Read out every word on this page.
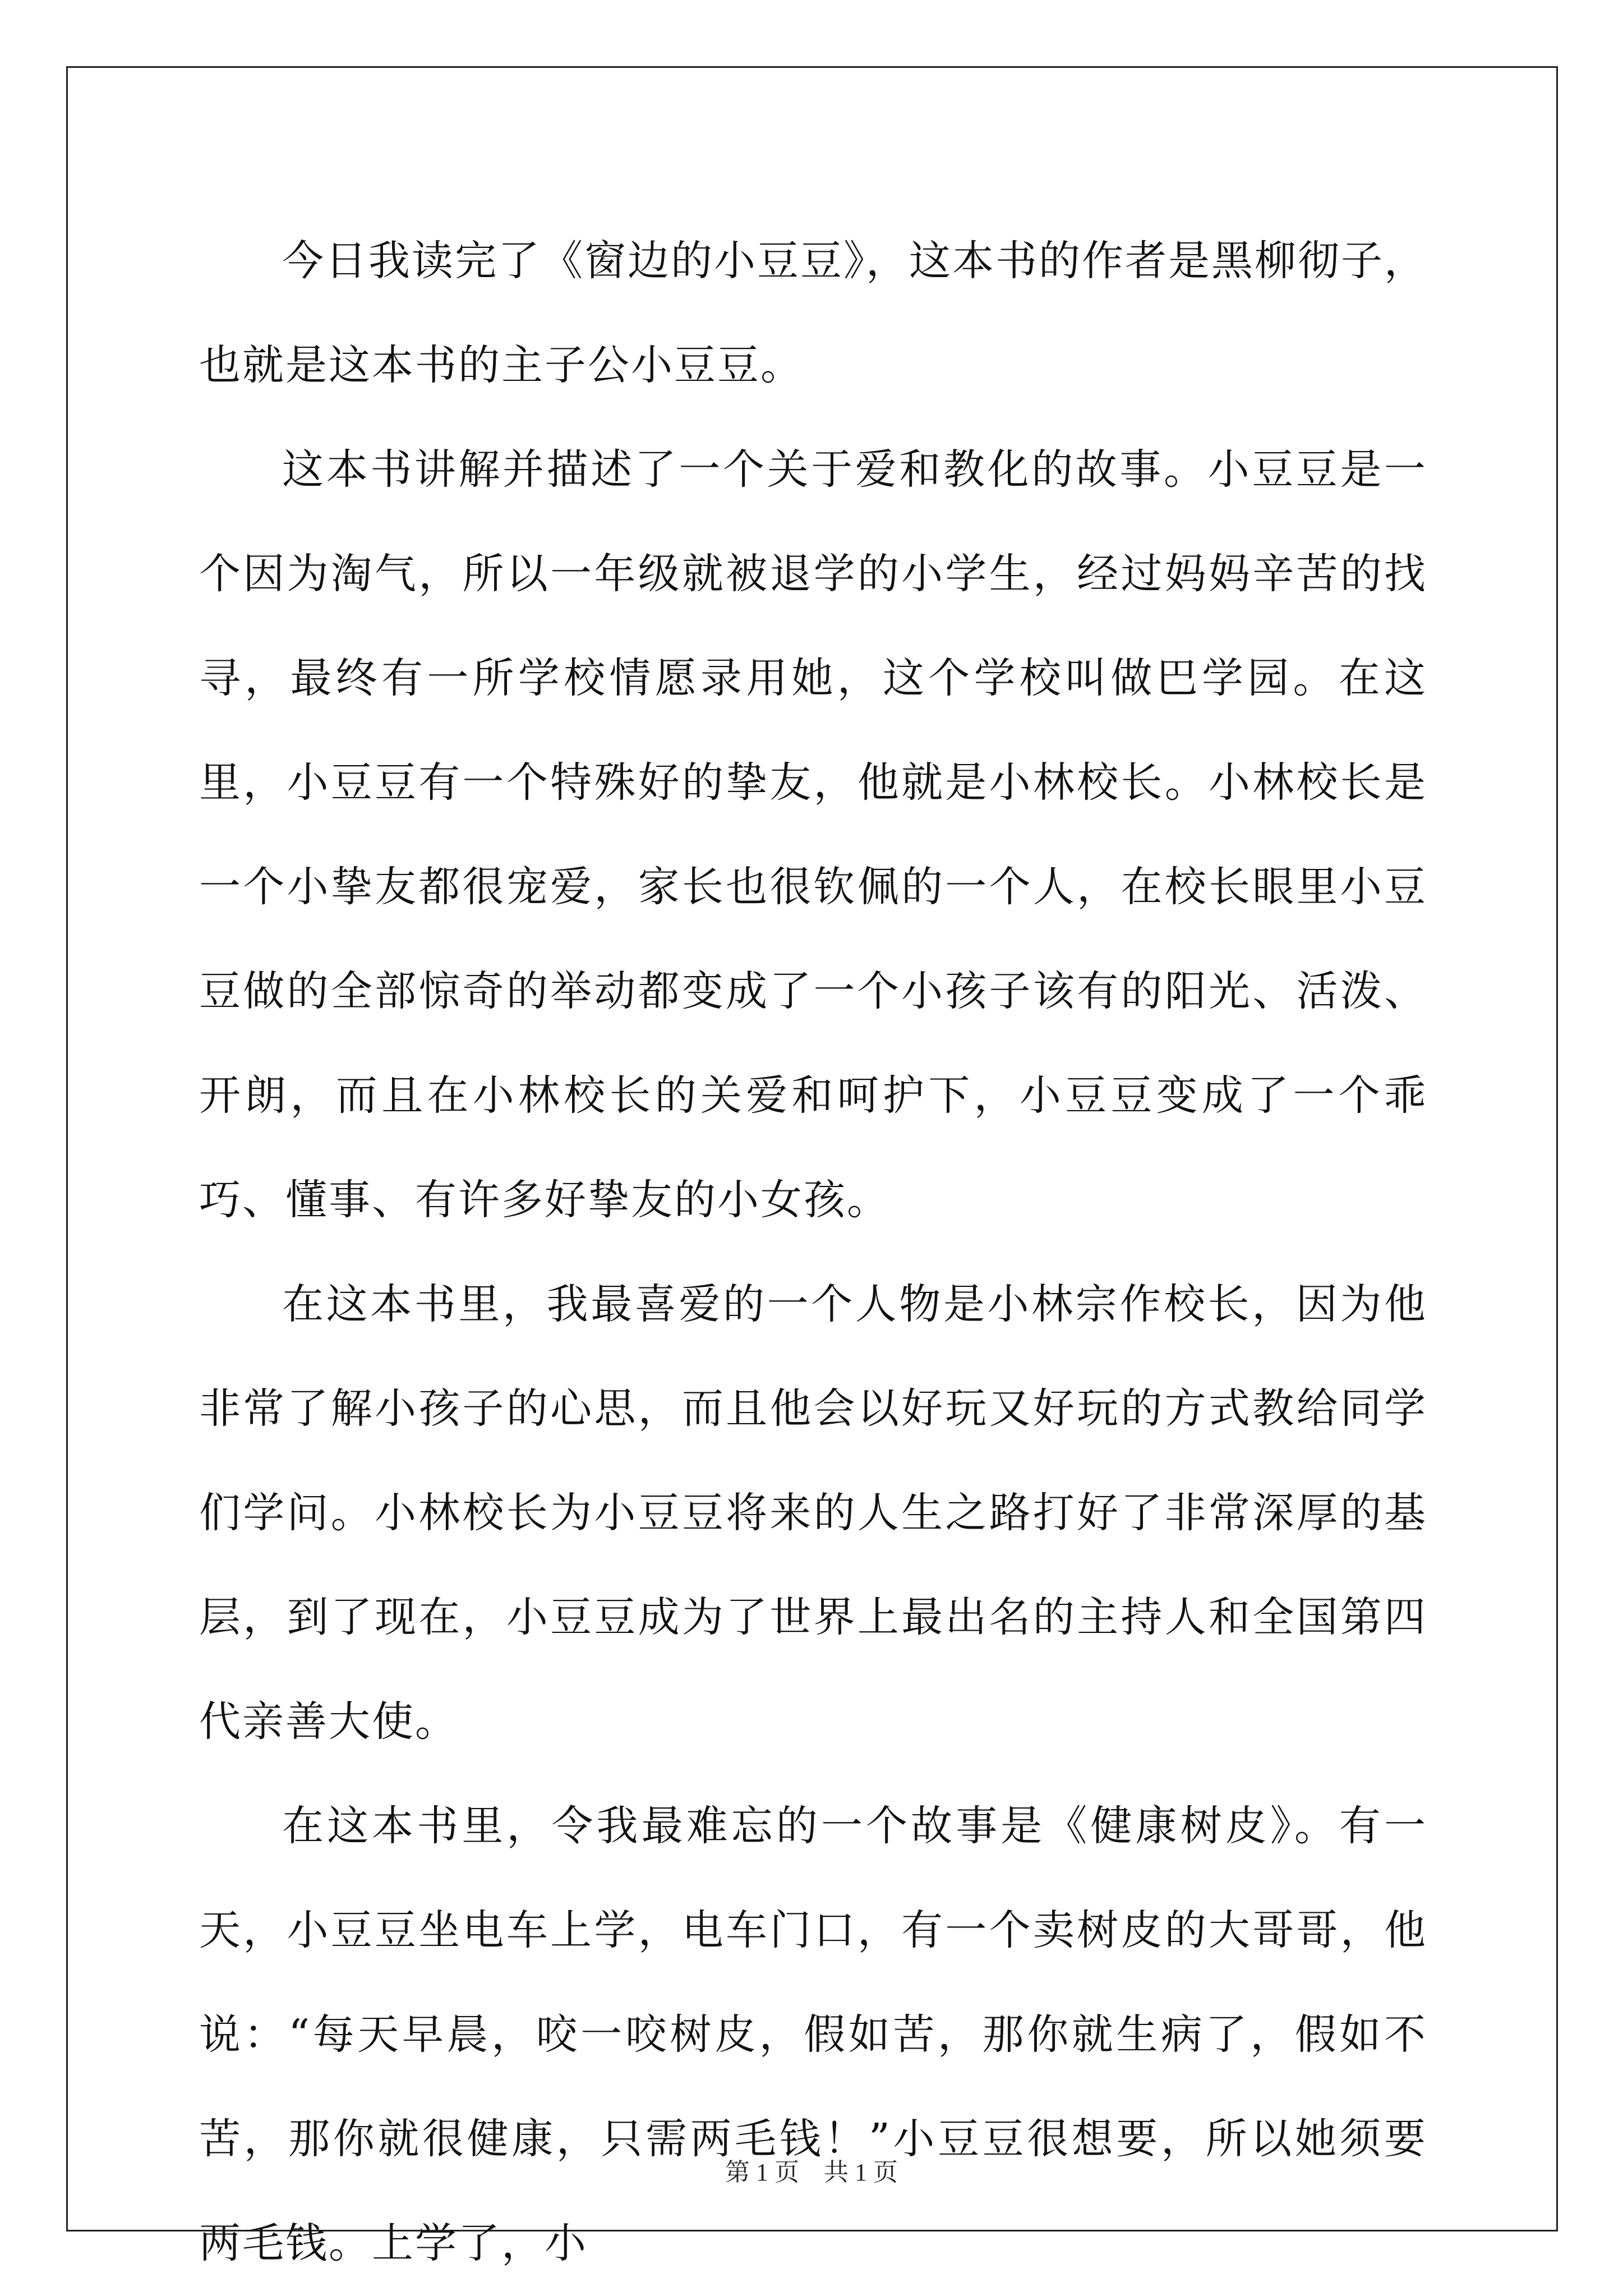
今日我读完了《窗边的小豆豆》，这本书的作者是黑柳彻子，也就是这本书的主子公小豆豆。

这本书讲解并描述了一个关于爱和教化的故事。小豆豆是一个因为淘气，所以一年级就被退学的小学生，经过妈妈辛苦的找寻，最终有一所学校情愿录用她，这个学校叫做巴学园。在这里，小豆豆有一个特殊好的挚友，他就是小林校长。小林校长是一个小挚友都很宠爱，家长也很钦佩的一个人，在校长眼里小豆豆做的全部惊奇的举动都变成了一个小孩子该有的阳光、活泼、开朗，而且在小林校长的关爱和呵护下，小豆豆变成了一个乖巧、懂事、有许多好挚友的小女孩。

在这本书里，我最喜爱的一个人物是小林宗作校长，因为他非常了解小孩子的心思，而且他会以好玩又好玩的方式教给同学们学问。小林校长为小豆豆将来的人生之路打好了非常深厚的基层，到了现在，小豆豆成为了世界上最出名的主持人和全国第四代亲善大使。

在这本书里，令我最难忘的一个故事是《健康树皮》。有一天，小豆豆坐电车上学，电车门口，有一个卖树皮的大哥哥，他说：“每天早晨，咬一咬树皮，假如苦，那你就生病了，假如不苦，那你就很健康，只需两毛钱！”小豆豆很想要，所以她须要两毛钱。上学了，小

第 1 页　共 1 页
